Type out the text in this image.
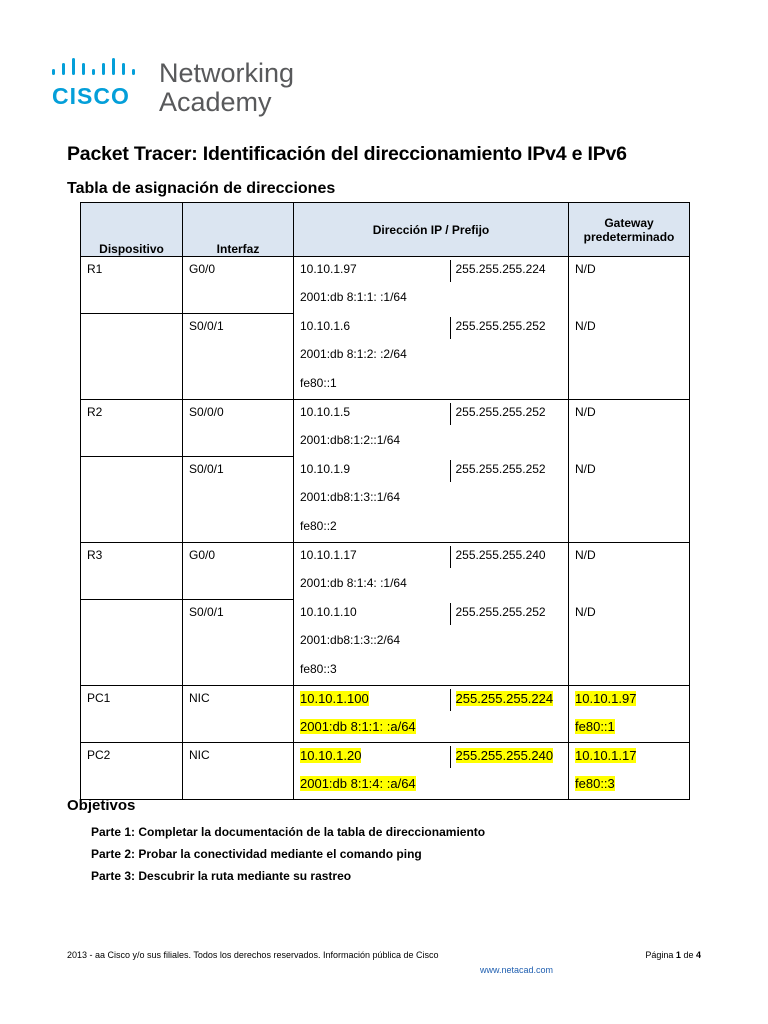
CISCO
Networking
Academy
Packet Tracer: Identificación del direccionamiento IPv4 e IPv6
Tabla de asignación de direcciones
Dispositivo	Interfaz	Dirección IP / Prefijo		Gateway predeterminado
R1	G0/0	10.10.1.97	255.255.255.224	N/D
		2001:db 8:1:1: :1/64		
	S0/0/1	10.10.1.6	255.255.255.252	N/D
		2001:db 8:1:2: :2/64		
		fe80::1		
R2	S0/0/0	10.10.1.5	255.255.255.252	N/D
		2001:db8:1:2::1/64		
	S0/0/1	10.10.1.9	255.255.255.252	N/D
		2001:db8:1:3::1/64		
		fe80::2		
R3	G0/0	10.10.1.17	255.255.255.240	N/D
		2001:db 8:1:4: :1/64		
	S0/0/1	10.10.1.10	255.255.255.252	N/D
		2001:db8:1:3::2/64		
		fe80::3		
PC1	NIC	10.10.1.100	255.255.255.224	10.10.1.97
		2001:db 8:1:1: :a/64		fe80::1
PC2	NIC	10.10.1.20	255.255.255.240	10.10.1.17
		2001:db 8:1:4: :a/64		fe80::3
Objetivos
Parte 1: Completar la documentación de la tabla de direccionamiento
Parte 2: Probar la conectividad mediante el comando ping
Parte 3: Descubrir la ruta mediante su rastreo
2013 - aa Cisco y/o sus filiales. Todos los derechos reservados. Información pública de Cisco	Página 1 de 4
www.netacad.com
